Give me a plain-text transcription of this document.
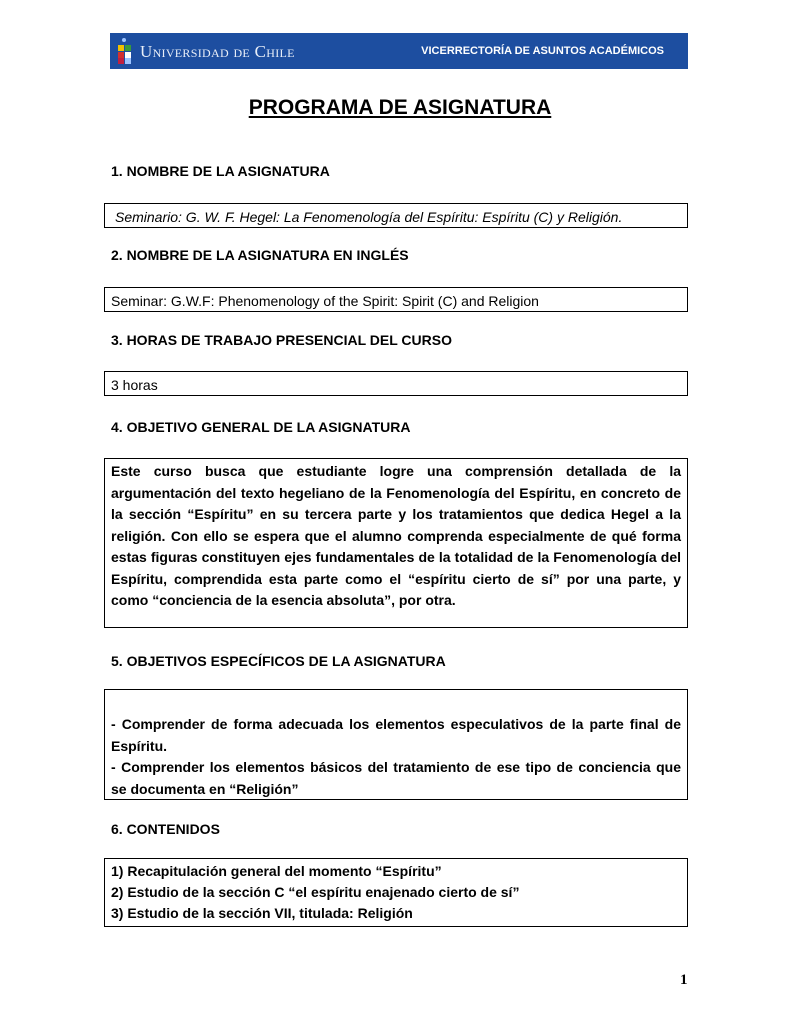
Universidad de Chile	VICERRECTORÍA DE ASUNTOS ACADÉMICOS
PROGRAMA DE ASIGNATURA
1. NOMBRE DE LA ASIGNATURA
Seminario: G. W. F. Hegel: La Fenomenología del Espíritu: Espíritu (C) y Religión.
2. NOMBRE DE LA ASIGNATURA EN INGLÉS
Seminar: G.W.F: Phenomenology of the Spirit: Spirit (C) and Religion
3. HORAS DE TRABAJO PRESENCIAL DEL CURSO
3 horas
4. OBJETIVO GENERAL DE LA ASIGNATURA
Este curso busca que estudiante logre una comprensión detallada de la argumentación del texto hegeliano de la Fenomenología del Espíritu, en concreto de la sección “Espíritu” en su tercera parte y los tratamientos que dedica Hegel a la religión. Con ello se espera que el alumno comprenda especialmente de qué forma estas figuras constituyen ejes fundamentales de la totalidad de la Fenomenología del Espíritu, comprendida esta parte como el “espíritu cierto de sí” por una parte, y como “conciencia de la esencia absoluta”, por otra.
5. OBJETIVOS ESPECÍFICOS DE LA ASIGNATURA
- Comprender de forma adecuada los elementos especulativos de la parte final de Espíritu.
- Comprender los elementos básicos del tratamiento de ese tipo de conciencia que se documenta en “Religión”
6. CONTENIDOS
1) Recapitulación general del momento “Espíritu”
2) Estudio de la sección C “el espíritu enajenado cierto de sí”
3) Estudio de la sección VII, titulada: Religión
1
